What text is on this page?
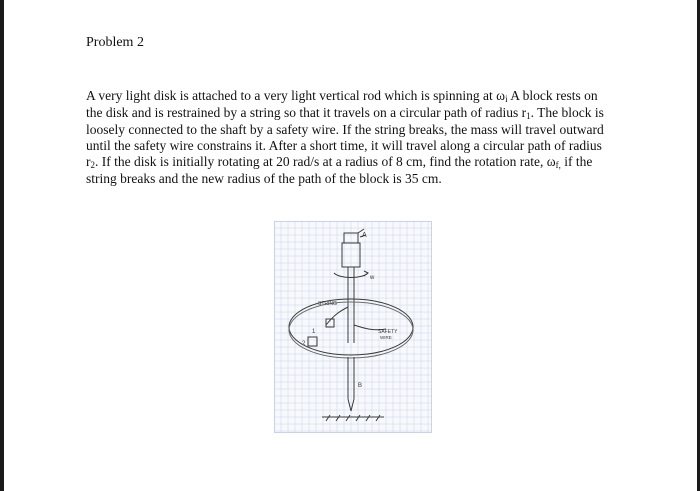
Problem 2

A very light disk is attached to a very light vertical rod which is spinning at ωi A block rests on the disk and is restrained by a string so that it travels on a circular path of radius r1. The block is loosely connected to the shaft by a safety wire. If the string breaks, the mass will travel outward until the safety wire constrains it. After a short time, it will travel along a circular path of radius r2. If the disk is initially rotating at 20 rad/s at a radius of 8 cm, find the rotation rate, ωf, if the string breaks and the new radius of the path of the block is 35 cm.

A
w
STRING
SAFETY
WIRE
1
2
B
